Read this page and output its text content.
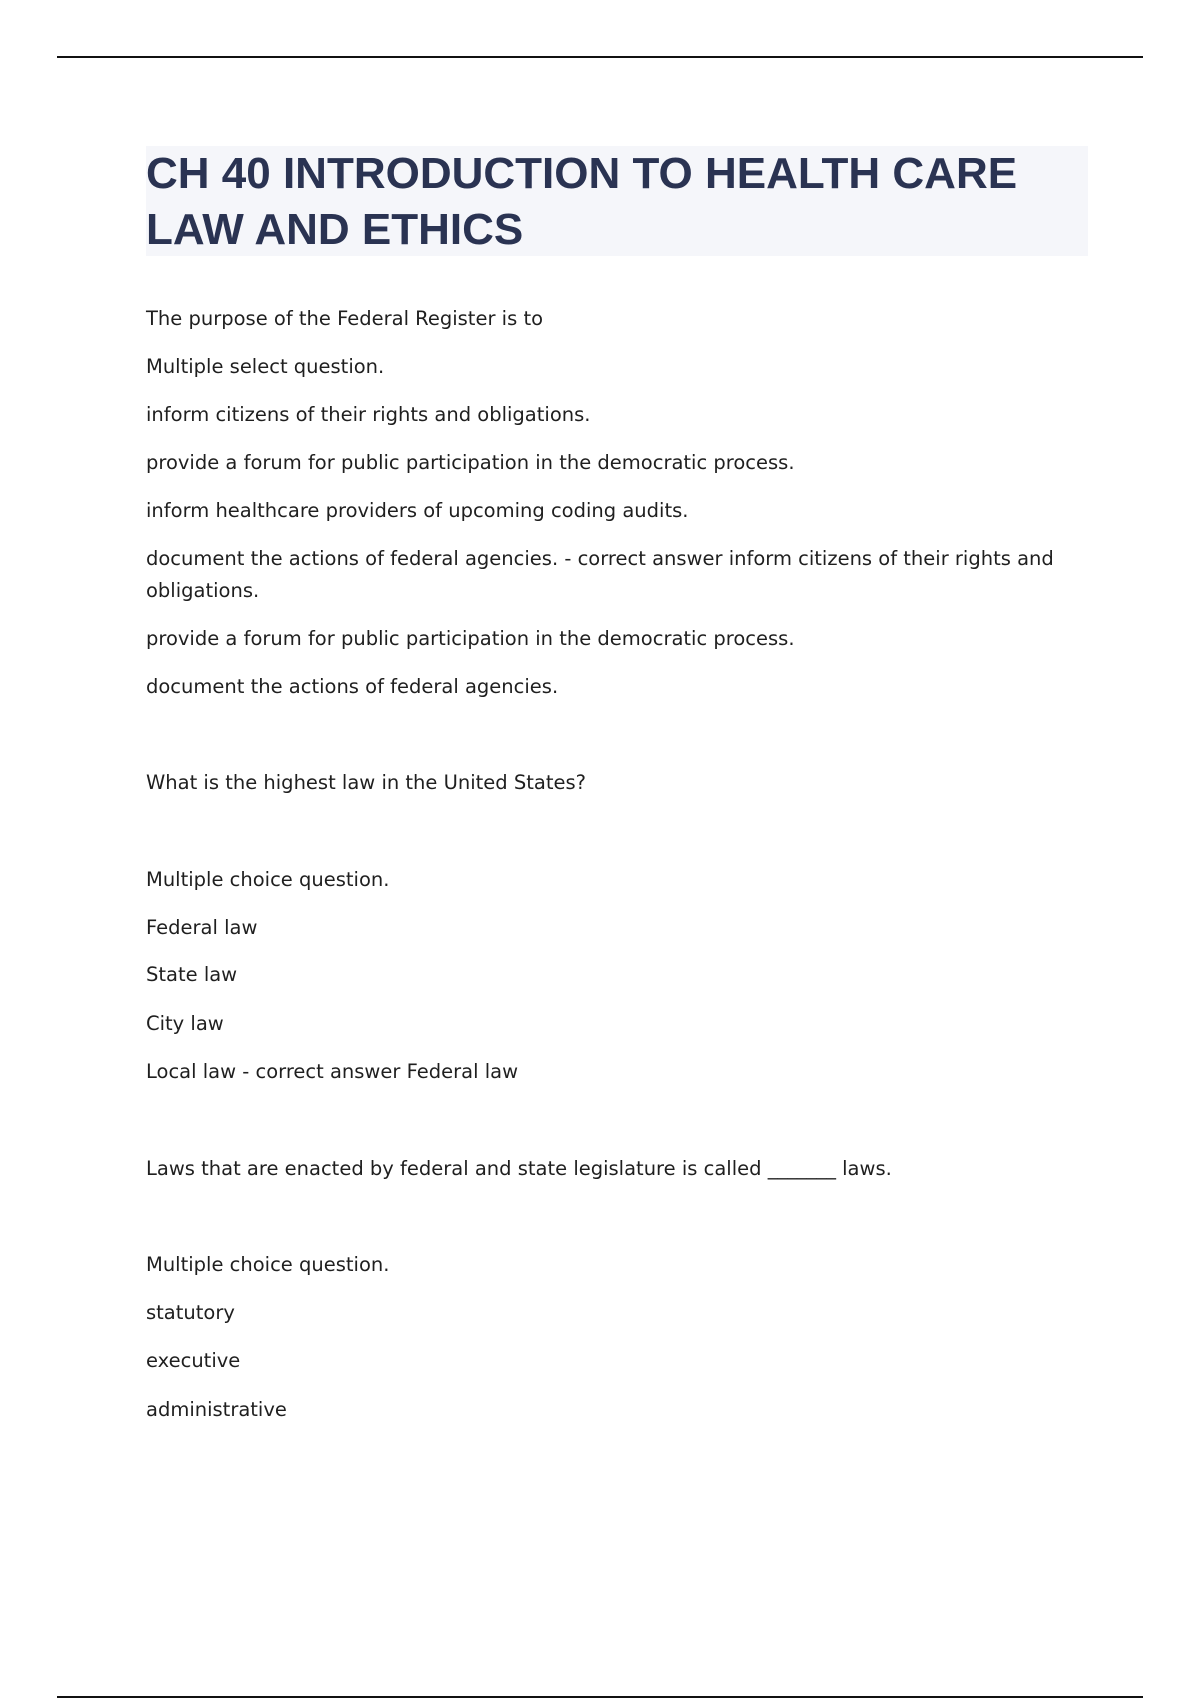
CH 40 INTRODUCTION TO HEALTH CARE LAW AND ETHICS
The purpose of the Federal Register is to
Multiple select question.
inform citizens of their rights and obligations.
provide a forum for public participation in the democratic process.
inform healthcare providers of upcoming coding audits.
document the actions of federal agencies. - correct answer inform citizens of their rights and obligations.
provide a forum for public participation in the democratic process.
document the actions of federal agencies.
What is the highest law in the United States?
Multiple choice question.
Federal law
State law
City law
Local law - correct answer Federal law
Laws that are enacted by federal and state legislature is called _______ laws.
Multiple choice question.
statutory
executive
administrative
